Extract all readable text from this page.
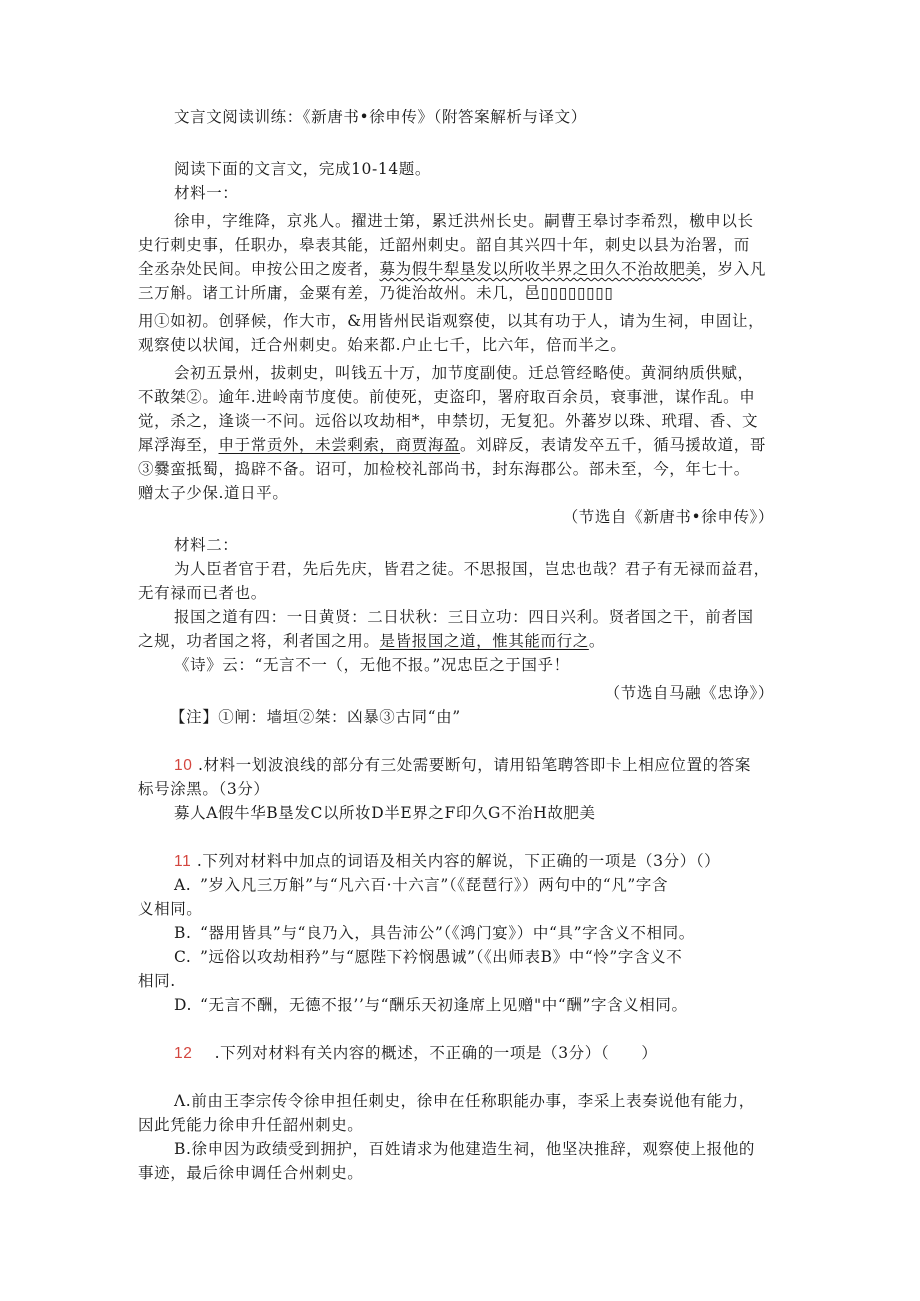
文言文阅读训练：《新唐书•徐申传》（附答案解析与译文）
阅读下面的文言文，完成10-14题。
材料一：
徐申，字维降，京兆人。擢进士第，累迁洪州长史。嗣曹王皋讨李希烈，檄申以长
史行刺史事，任职办，皋表其能，迁韶州刺史。韶自其兴四十年，刺史以县为治署，而
全丞杂处民间。申按公田之废者，募为假牛犁垦发以所收半界之田久不治故肥美，岁入凡
三万斛。诸工计所庸，金粟有差，乃徙治故州。未几，邑▯▯▯▯▯▯▯▯
用①如初。创驿候，作大市，&用皆州民诣观察使，以其有功于人，请为生祠，申固让，
观察使以状闻，迁合州刺史。始来都.户止七千，比六年，倍而半之。
会初五景州，拔刺史，叫钱五十万，加节度副使。迁总管经略使。黄洞纳质供赋，
不敢桀②。逾年.进岭南节度使。前使死，吏盗印，署府取百余员，衰事泄，谋作乱。申
觉，杀之，逢谈一不问。远俗以攻劫相*，申禁切，无复犯。外蕃岁以珠、玳瑁、香、文
犀浮海至，申于常贡外，未尝剩索，商贾海盈。刘辟反，表请发卒五千，循马援故道，哥
③爨蛮抵蜀，捣辟不备。诏可，加检校礼部尚书，封东海郡公。部未至，今，年七十。
赠太子少保.道日平。
（节选自《新唐书•徐申传》）
材料二：
为人臣者官于君，先后先庆，皆君之徒。不思报国，岂忠也哉？君子有无禄而益君，
无有禄而已者也。
报国之道有四：一日黄贤：二日状秋：三日立功：四日兴利。贤者国之干，前者国
之规，功者国之将，利者国之用。是皆报国之道，惟其能而行之。
《诗》云：“无言不一（，无他不报。”况忠臣之于国乎！
（节选自马融《忠诤》）
【注】①闸：墙垣②桀：凶暴③古同“由”
10 .材料一划波浪线的部分有三处需要断句，请用铅笔聘答即卡上相应位置的答案
标号涂黑。（3分）
募人A假牛华B垦发C以所妆D半E界之F印久G不治H故肥美
11 .下列对材料中加点的词语及相关内容的解说，下正确的一项是（3分）（）
A. ”岁入凡三万斛”与“凡六百·十六言”（《琵琶行》）两句中的“凡”字含
义相同。
B. “器用皆具”与“良乃入，具告沛公”（《鸿门宴》）中“具”字含义不相同。
C. ”远俗以攻劫相矜”与“愿陛下衿悯愚诚”（《出师表B》中“怜”字含义不
相同.
D. “无言不酬，无德不报’’与“酬乐天初逢席上见赠"中“酬”字含义相同。
12 .下列对材料有关内容的概述，不正确的一项是（3分）（　　）
Λ.前由王李宗传令徐申担任刺史，徐申在任称职能办事，李采上表奏说他有能力，
因此凭能力徐申升任韶州刺史。
B.徐申因为政绩受到拥护，百姓请求为他建造生祠，他坚决推辞，观察使上报他的
事迹，最后徐申调任合州刺史。
